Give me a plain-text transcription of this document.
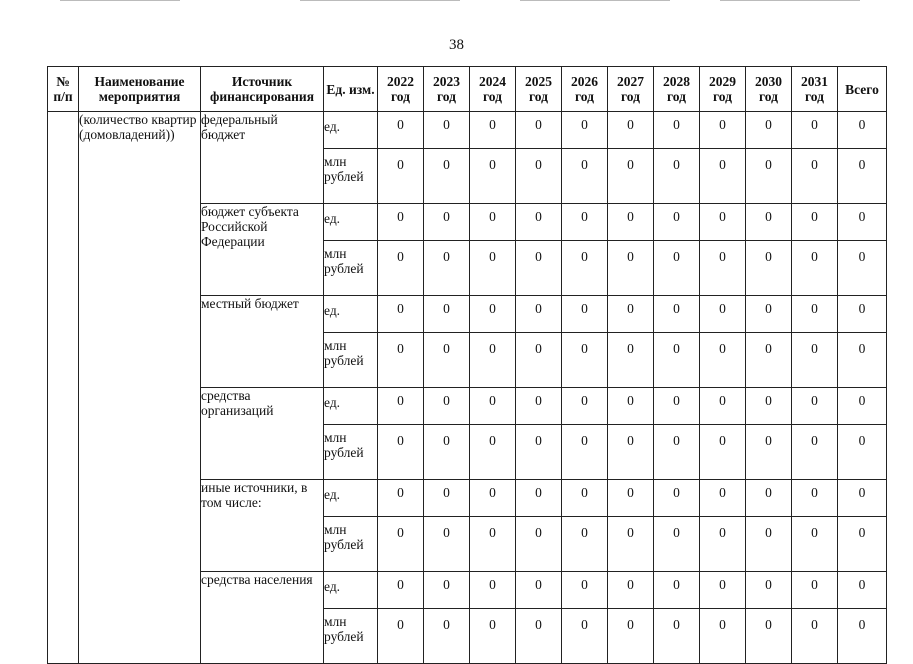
38
№ п/п	Наименование мероприятия	Источник финансирования	Ед. изм.	2022 год	2023 год	2024 год	2025 год	2026 год	2027 год	2028 год	2029 год	2030 год	2031 год	Всего
	(количество квартир (домовладений))	федеральный бюджет	ед.	0	0	0	0	0	0	0	0	0	0	0
			млн рублей	0	0	0	0	0	0	0	0	0	0	0
		бюджет субъекта Российской Федерации	ед.	0	0	0	0	0	0	0	0	0	0	0
			млн рублей	0	0	0	0	0	0	0	0	0	0	0
		местный бюджет	ед.	0	0	0	0	0	0	0	0	0	0	0
			млн рублей	0	0	0	0	0	0	0	0	0	0	0
		средства организаций	ед.	0	0	0	0	0	0	0	0	0	0	0
			млн рублей	0	0	0	0	0	0	0	0	0	0	0
		иные источники, в том числе:	ед.	0	0	0	0	0	0	0	0	0	0	0
			млн рублей	0	0	0	0	0	0	0	0	0	0	0
		средства населения	ед.	0	0	0	0	0	0	0	0	0	0	0
			млн рублей	0	0	0	0	0	0	0	0	0	0	0
